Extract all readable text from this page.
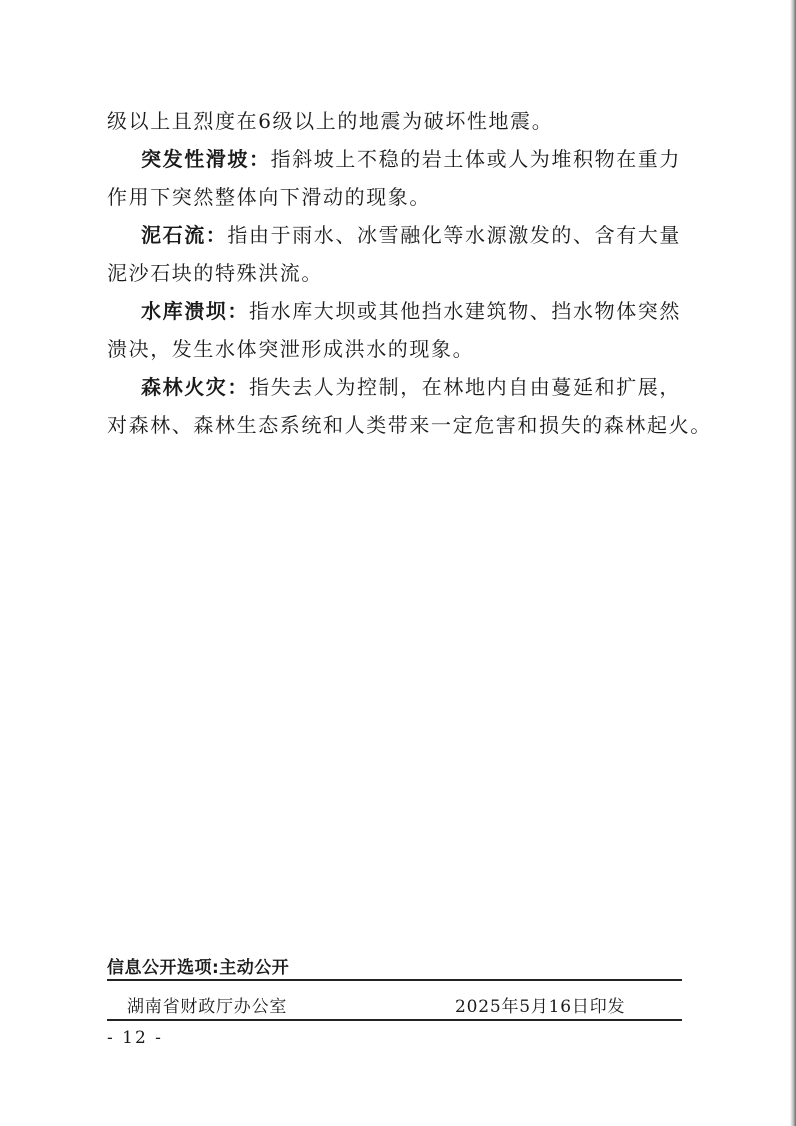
级以上且烈度在6级以上的地震为破坏性地震。
突发性滑坡：指斜坡上不稳的岩土体或人为堆积物在重力
作用下突然整体向下滑动的现象。
泥石流：指由于雨水、冰雪融化等水源激发的、含有大量
泥沙石块的特殊洪流。
水库溃坝：指水库大坝或其他挡水建筑物、挡水物体突然
溃决，发生水体突泄形成洪水的现象。
森林火灾：指失去人为控制，在林地内自由蔓延和扩展，
对森林、森林生态系统和人类带来一定危害和损失的森林起火。
信息公开选项:主动公开
湖南省财政厅办公室	2025年5月16日印发
- 12 -
